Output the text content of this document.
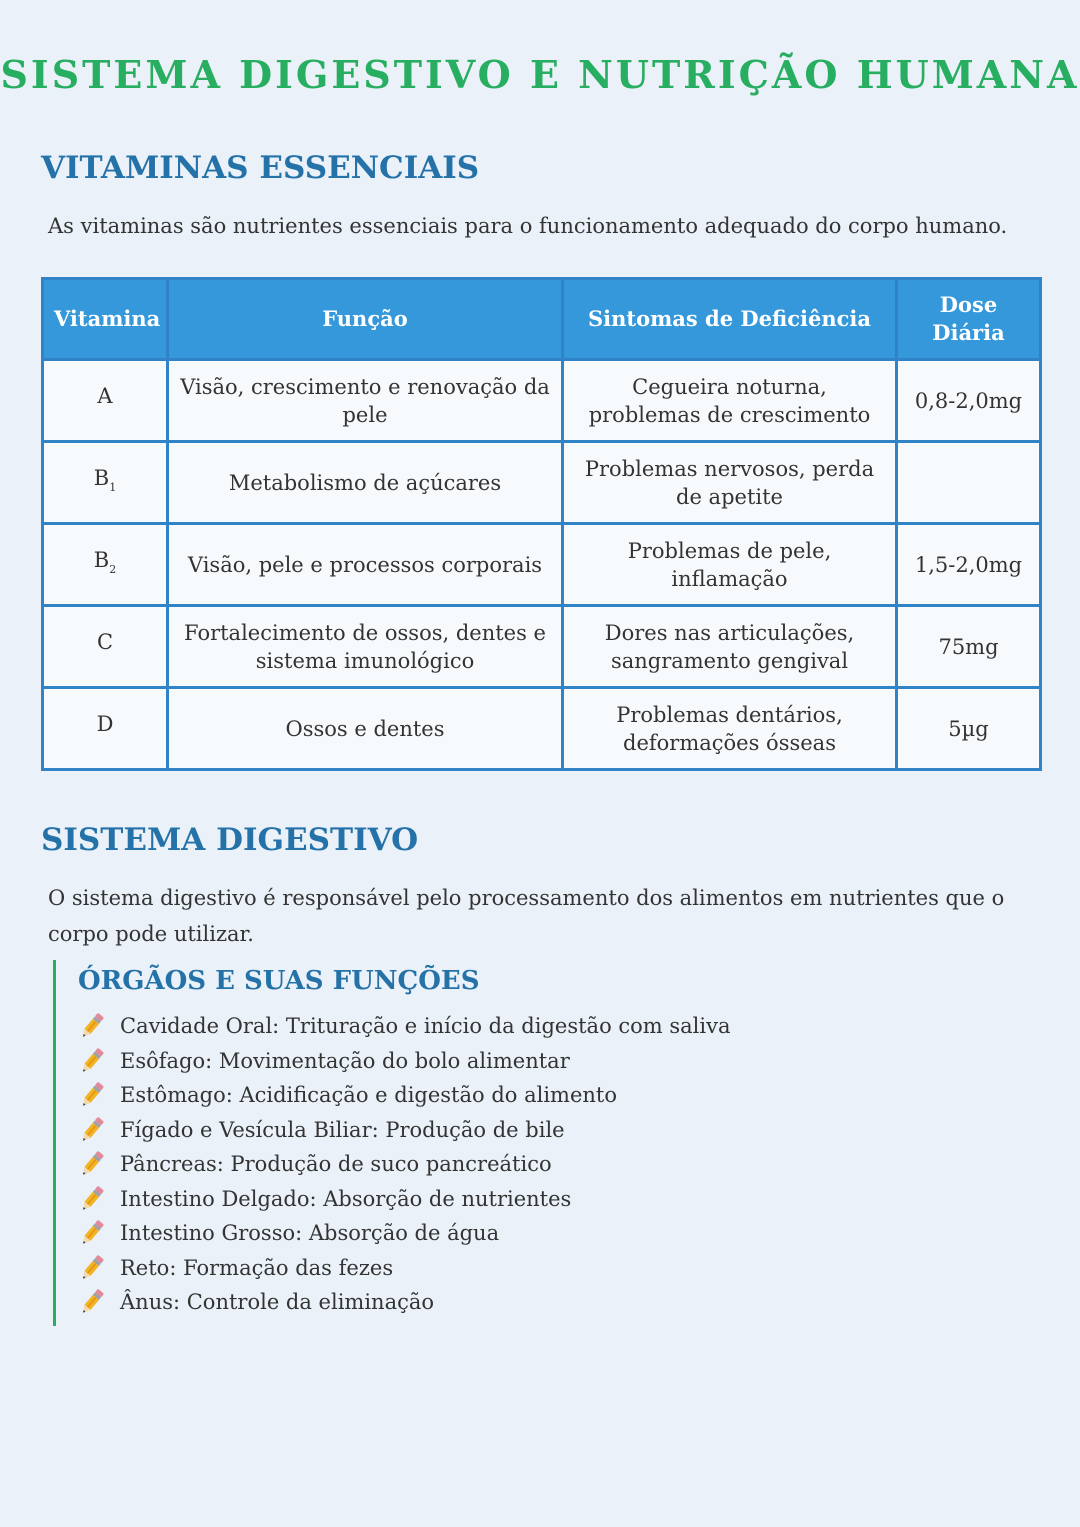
SISTEMA DIGESTIVO E NUTRIÇÃO HUMANA
VITAMINAS ESSENCIAIS

As vitaminas são nutrientes essenciais para o funcionamento adequado do corpo humano.

Vitamina	Função	Sintomas de Deficiência	Dose
Diária
A	Visão, crescimento e renovação da pele	Cegueira noturna, problemas de crescimento	0,8-2,0mg
$B_1$	Metabolismo de açúcares	Problemas nervosos, perda de apetite	
$B_2$	Visão, pele e processos corporais	Problemas de pele, inflamação	1,5-2,0mg
C	Fortalecimento de ossos, dentes e sistema imunológico	Dores nas articulações, sangramento gengival	75mg
D	Ossos e dentes	Problemas dentários, deformações ósseas	5µg
SISTEMA DIGESTIVO

O sistema digestivo é responsável pelo processamento dos alimentos em nutrientes que o corpo pode utilizar.

ÓRGÃOS E SUAS FUNÇÕES
Cavidade Oral: Trituração e início da digestão com saliva
Esôfago: Movimentação do bolo alimentar
Estômago: Acidificação e digestão do alimento
Fígado e Vesícula Biliar: Produção de bile
Pâncreas: Produção de suco pancreático
Intestino Delgado: Absorção de nutrientes
Intestino Grosso: Absorção de água
Reto: Formação das fezes
Ânus: Controle da eliminação
